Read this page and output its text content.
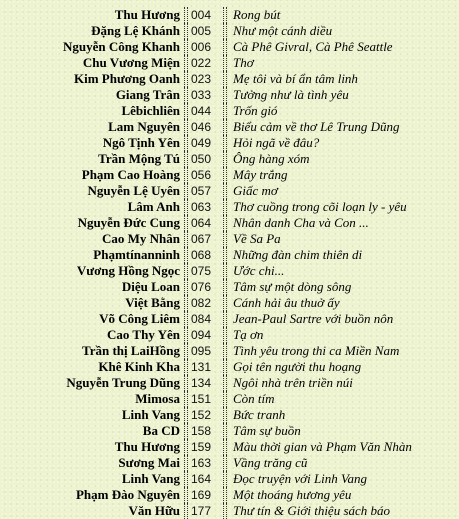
Thu Hương 004	Rong bút
Đặng Lệ Khánh 005	Như một cánh diều
Nguyễn Công Khanh 006	Cà Phê Givral, Cà Phê Seattle
Chu Vương Miện 022	Thơ
Kim Phương Oanh 023	Mẹ tôi và bí ẩn tâm linh
Giang Trân 033	Tưởng như là tình yêu
Lêbichliên 044	Trốn gió
Lam Nguyên 046	Biểu cảm về thơ Lê Trung Dũng
Ngô Tịnh Yên 049	Hỏi ngã về đâu?
Trần Mộng Tú 050	Ông hàng xóm
Phạm Cao Hoàng 056	Mây trắng
Nguyễn Lệ Uyên 057	Giấc mơ
Lâm Anh 063	Thơ cuồng trong cõi loạn ly - yêu
Nguyễn Đức Cung 064	Nhân danh Cha và Con ...
Cao My Nhân 067	Về Sa Pa
Phạmtínanninh 068	Những đàn chim thiên di
Vương Hồng Ngọc 075	Ước chi...
Diệu Loan 076	Tâm sự một dòng sông
Việt Bằng 082	Cánh hải âu thuở ấy
Võ Công Liêm 084	Jean-Paul Sartre với buồn nôn
Cao Thy Yên 094	Tạ ơn
Trần thị LaiHồng 095	Tình yêu trong thi ca Miền Nam
Khê Kinh Kha 131	Gọi tên người thu hoạng
Nguyễn Trung Dũng 134	Ngôi nhà trên triền núi
Mimosa 151	Còn tím
Linh Vang 152	Bức tranh
Ba CD 158	Tâm sự buồn
Thu Hương 159	Màu thời gian và Phạm Văn Nhàn
Sương Mai 163	Vầng trăng cũ
Linh Vang 164	Đọc truyện với Linh Vang
Phạm Đào Nguyên 169	Một thoáng hương yêu
Văn Hữu 177	Thư tín & Giới thiệu sách báo
